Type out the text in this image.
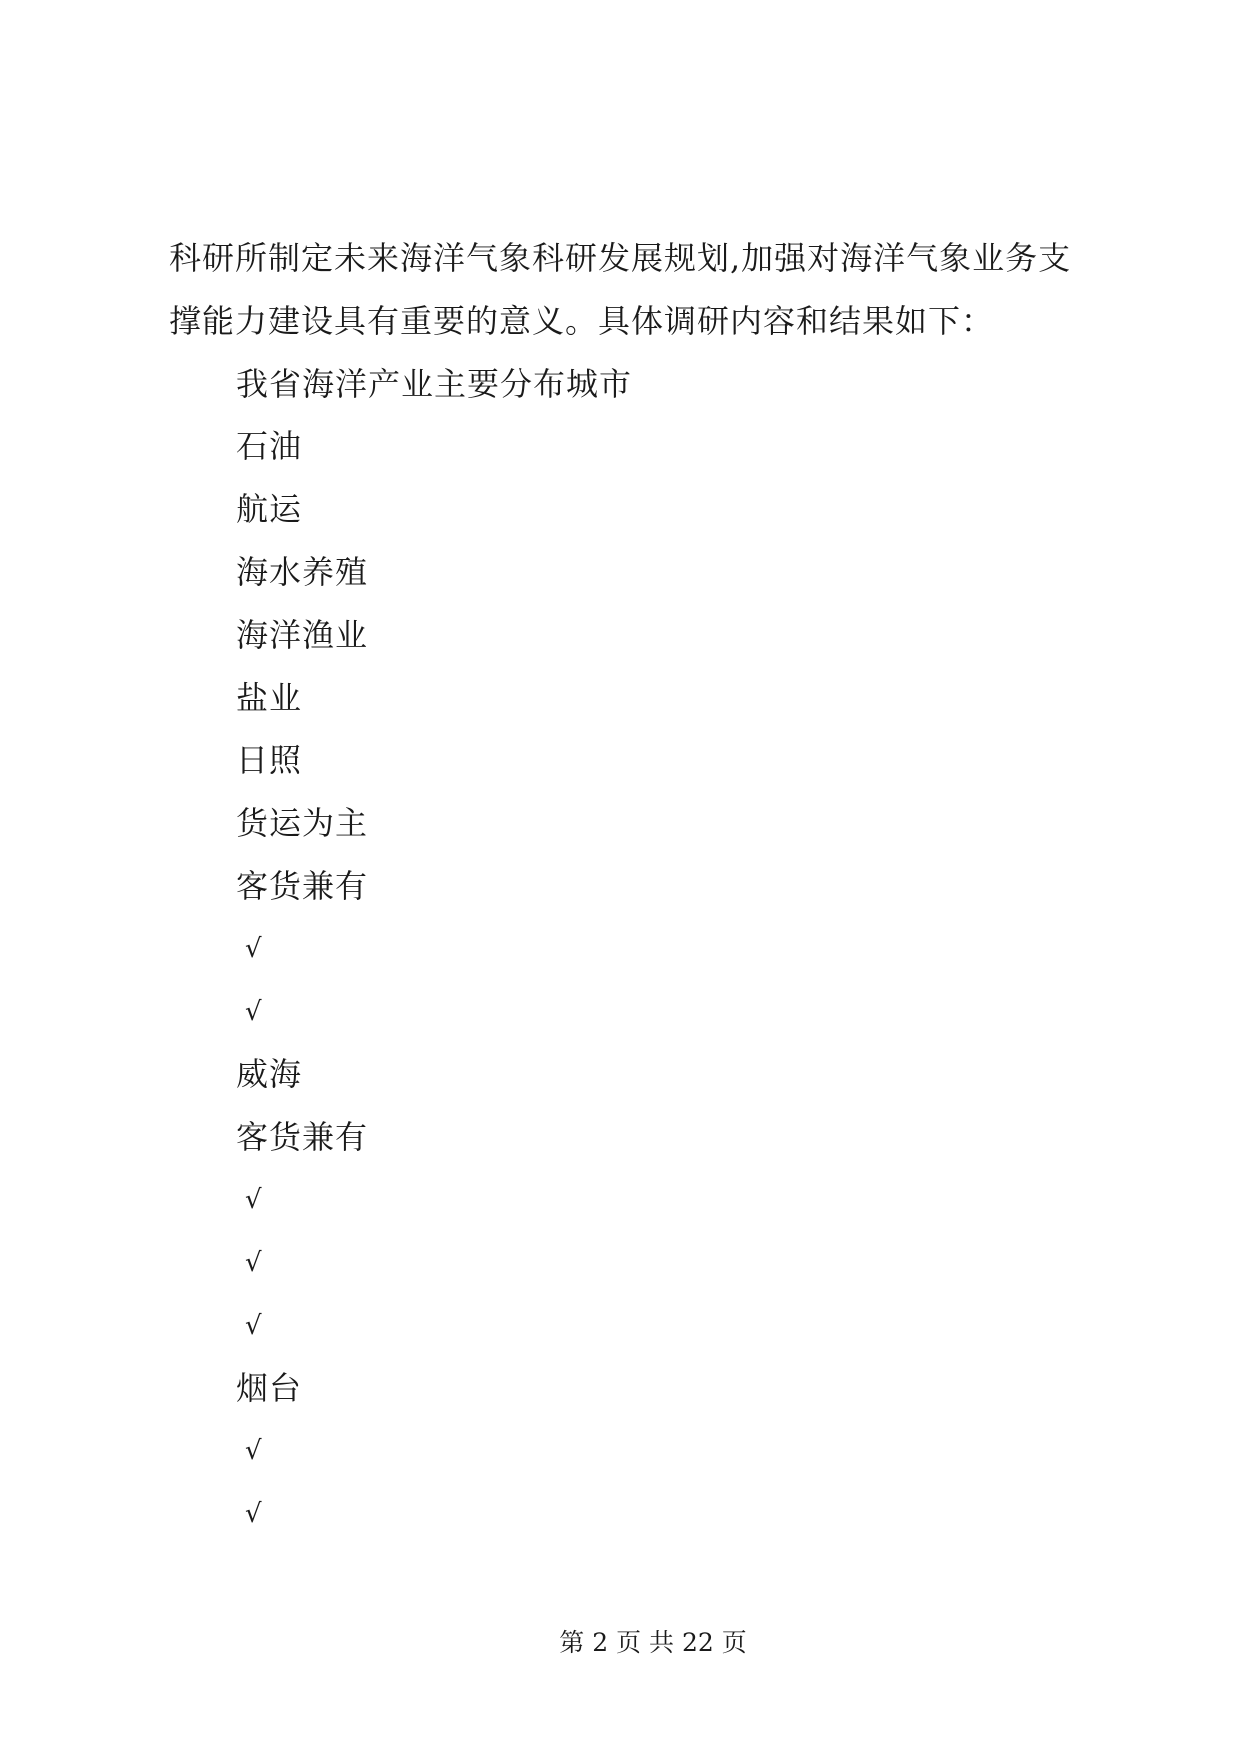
科研所制定未来海洋气象科研发展规划,加强对海洋气象业务支
撑能力建设具有重要的意义。具体调研内容和结果如下：
我省海洋产业主要分布城市
石油
航运
海水养殖
海洋渔业
盐业
日照
货运为主
客货兼有
√
√
威海
客货兼有
√
√
√
烟台
√
√
第 2 页 共 22 页
